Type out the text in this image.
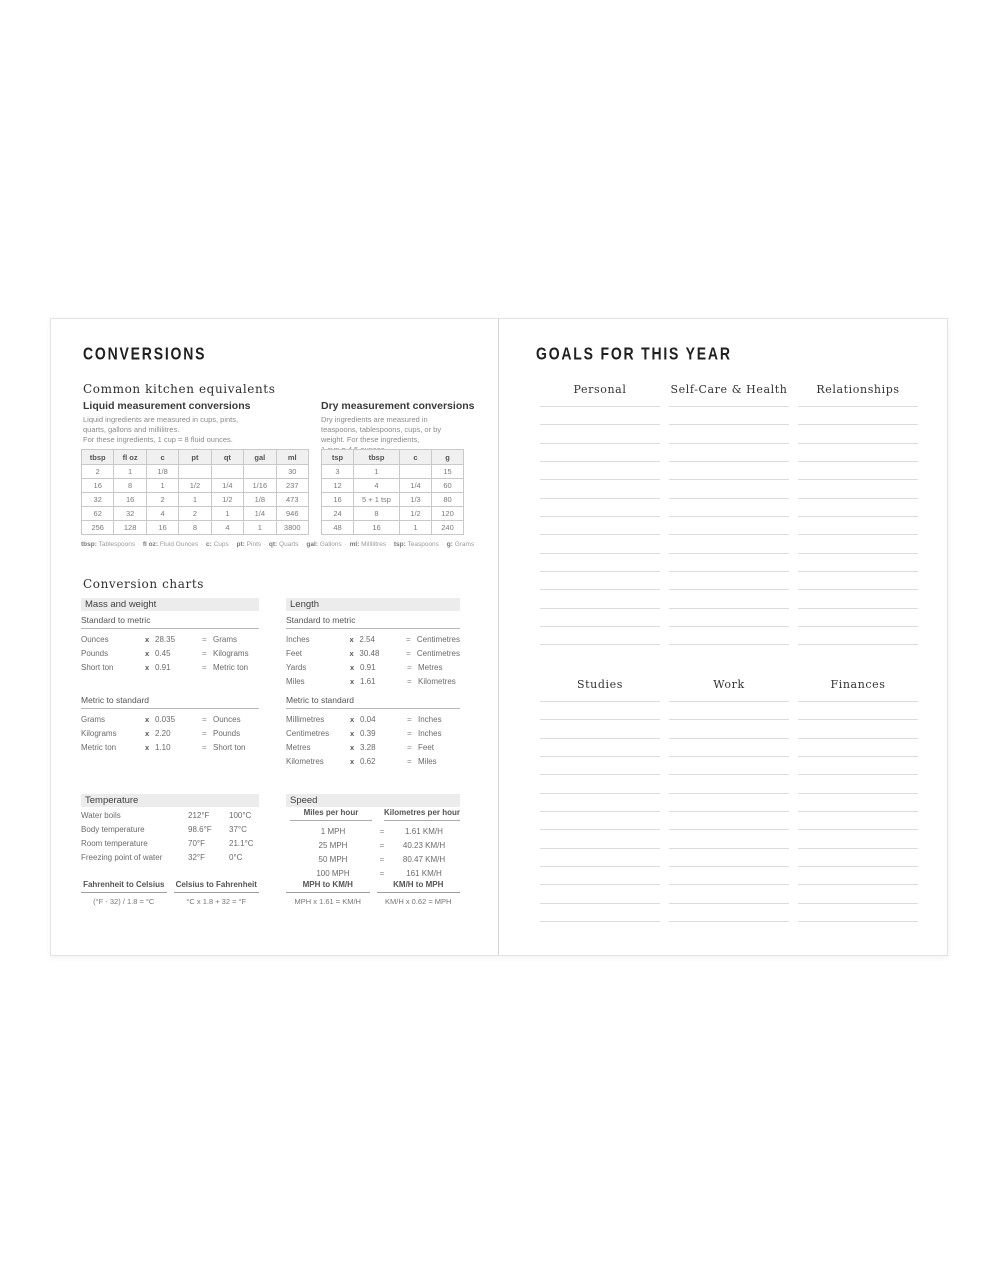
CONVERSIONS
Common kitchen equivalents
Liquid measurement conversions
Liquid ingredients are measured in cups, pints,
quarts, gallons and millilitres.
For these ingredients, 1 cup = 8 fluid ounces.
Dry measurement conversions
Dry ingredients are measured in
teaspoons, tablespoons, cups, or by
weight. For these ingredients,
tbsp	fl oz	c	pt	qt	gal	ml
2	1	1/8				30
16	8	1	1/2	1/4	1/16	237
32	16	2	1	1/2	1/8	473
62	32	4	2	1	1/4	946
256	128	16	8	4	1	3800
tsp	tbsp	c	g
3	1		15
12	4	1/4	60
16	5 + 1 tsp	1/3	80
24	8	1/2	120
48	16	1	240
tbsp: Tablespoons · fl oz: Fluid Ounces · c: Cups · pt: Pints · qt: Quarts · gal: Gallons · ml: Millilitres · tsp: Teaspoons · g: Grams
Conversion charts
Mass and weight
Standard to metric
Ounces	x 28.35	= Grams
Pounds	x 0.45	= Kilograms
Short ton	x 0.91	= Metric ton
Metric to standard
Grams	x 0.035	= Ounces
Kilograms	x 2.20	= Pounds
Metric ton	x 1.10	= Short ton
Temperature
Water boils	212°F	100°C
Body temperature	98.6°F	37°C
Room temperature	70°F	21.1°C
Freezing point of water	32°F	0°C
Fahrenheit to Celsius
(°F - 32) / 1.8 = °C
Celsius to Fahrenheit
°C x 1.8 + 32 = °F
Length
Standard to metric
Inches	x 2.54	= Centimetres
Feet	x 30.48	= Centimetres
Yards	x 0.91	= Metres
Miles	x 1.61	= Kilometres
Metric to standard
Millimetres	x 0.04	= Inches
Centimetres	x 0.39	= Inches
Metres	x 3.28	= Feet
Kilometres	x 0.62	= Miles
Speed
Miles per hour	Kilometres per hour
1 MPH	=	1.61 KM/H
25 MPH	=	40.23 KM/H
50 MPH	=	80.47 KM/H
100 MPH	=	161 KM/H
MPH to KM/H
MPH x 1.61 = KM/H
KM/H to MPH
KM/H x 0.62 = MPH
GOALS FOR THIS YEAR
Personal	Self-Care & Health	Relationships
Studies	Work	Finances
